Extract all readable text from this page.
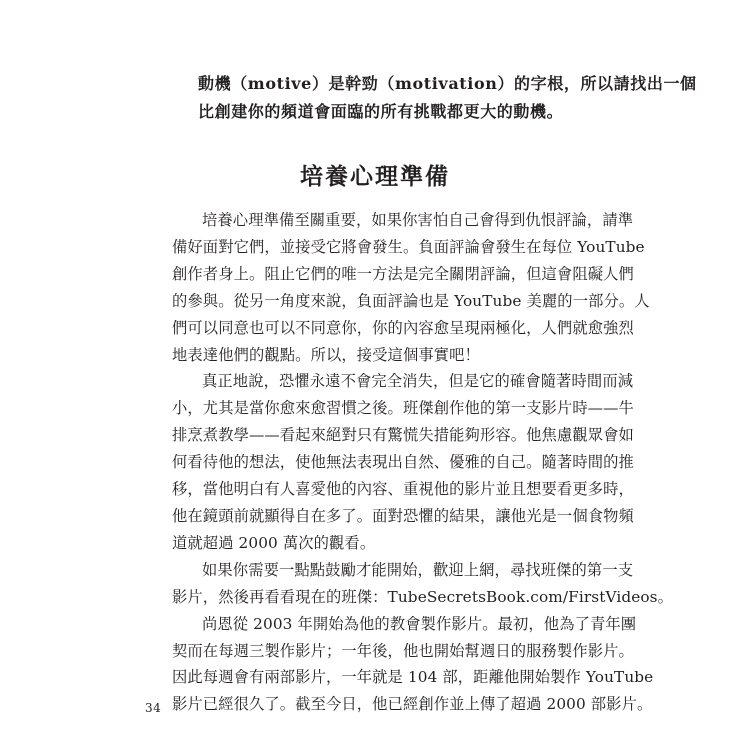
動機（motive）是幹勁（motivation）的字根，所以請找出一個
比創建你的頻道會面臨的所有挑戰都更大的動機。
培養心理準備

培養心理準備至關重要，如果你害怕自己會得到仇恨評論，請準
備好面對它們，並接受它將會發生。負面評論會發生在每位 YouTube
創作者身上。阻止它們的唯一方法是完全關閉評論，但這會阻礙人們
的參與。從另一角度來說，負面評論也是 YouTube 美麗的一部分。人
們可以同意也可以不同意你，你的內容愈呈現兩極化，人們就愈強烈
地表達他們的觀點。所以，接受這個事實吧！

真正地說，恐懼永遠不會完全消失，但是它的確會隨著時間而減
小，尤其是當你愈來愈習慣之後。班傑創作他的第一支影片時——牛
排烹煮教學——看起來絕對只有驚慌失措能夠形容。他焦慮觀眾會如
何看待他的想法，使他無法表現出自然、優雅的自己。隨著時間的推
移，當他明白有人喜愛他的內容、重視他的影片並且想要看更多時，
他在鏡頭前就顯得自在多了。面對恐懼的結果，讓他光是一個食物頻
道就超過 2000 萬次的觀看。

如果你需要一點點鼓勵才能開始，歡迎上網，尋找班傑的第一支
影片，然後再看看現在的班傑：TubeSecretsBook.com/FirstVideos。

尚恩從 2003 年開始為他的教會製作影片。最初，他為了青年團
契而在每週三製作影片；一年後，他也開始幫週日的服務製作影片。
因此每週會有兩部影片，一年就是 104 部，距離他開始製作 YouTube
影片已經很久了。截至今日，他已經創作並上傳了超過 2000 部影片。

34
